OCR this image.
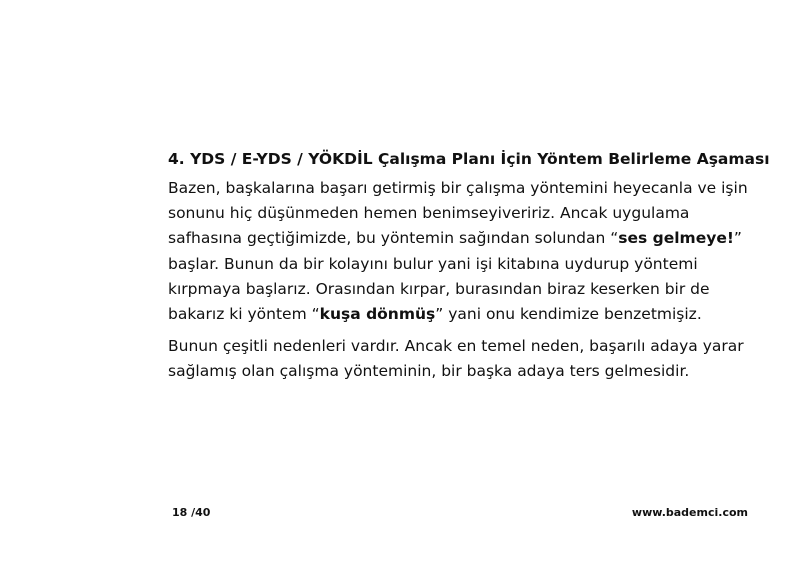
4. YDS / E-YDS / YÖKDİL Çalışma Planı İçin Yöntem Belirleme Aşaması

Bazen, başkalarına başarı getirmiş bir çalışma yöntemini heyecanla ve işin
sonunu hiç düşünmeden hemen benimseyiveririz. Ancak uygulama
safhasına geçtiğimizde, bu yöntemin sağından solundan “ses gelmeye!”
başlar. Bunun da bir kolayını bulur yani işi kitabına uydurup yöntemi
kırpmaya başlarız. Orasından kırpar, burasından biraz keserken bir de
bakarız ki yöntem “kuşa dönmüş” yani onu kendimize benzetmişiz.

Bunun çeşitli nedenleri vardır. Ancak en temel neden, başarılı adaya yarar
sağlamış olan çalışma yönteminin, bir başka adaya ters gelmesidir.

18 /40	www.bademci.com
